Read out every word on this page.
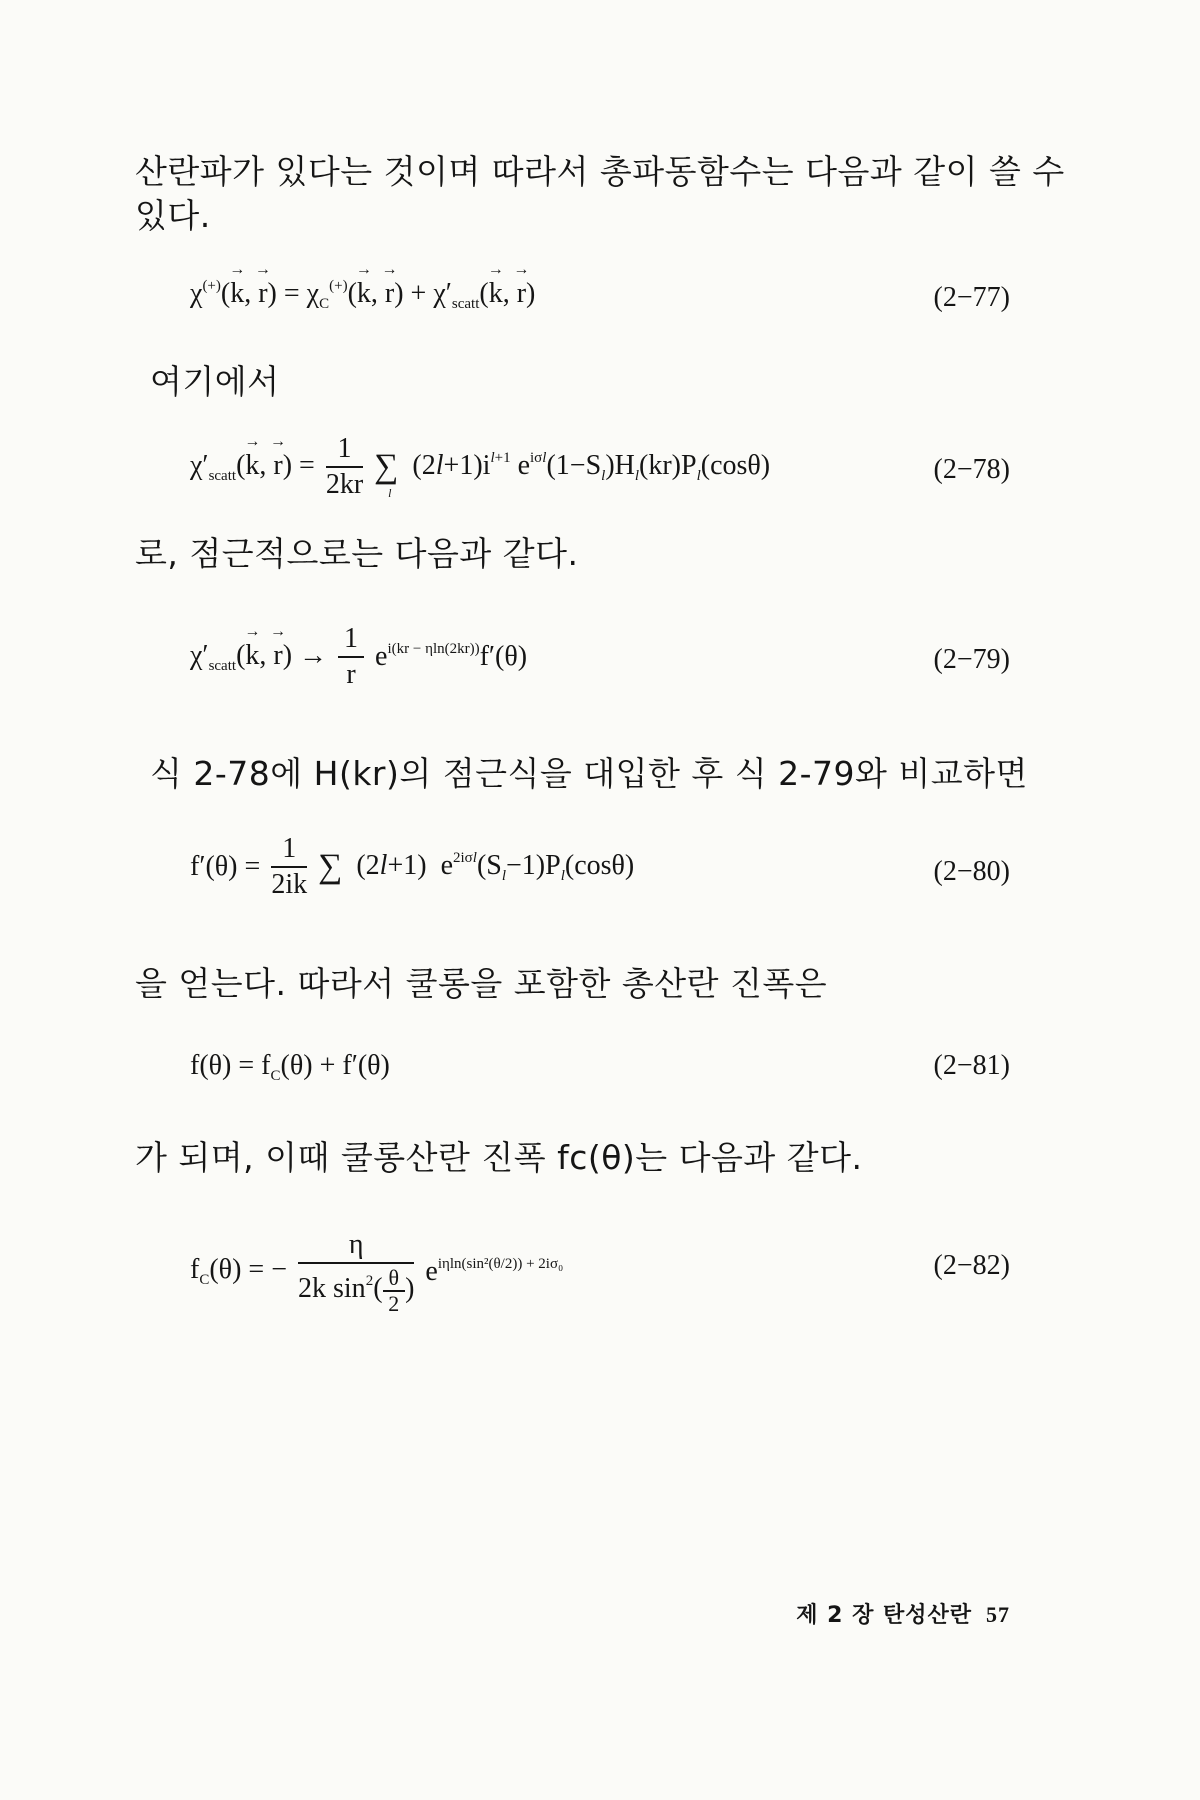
산란파가 있다는 것이며 따라서 총파동함수는 다음과 같이 쓸 수
있다.
χ(+)(→ k, → $r) = \chi_C^{(+)}(\to k$, → $r) + \chi'_{scatt}(\to k$, → r)	(2−77)
여기에서
$\chi'_{scatt}(\to k$, → $r) = \frac{1}{2kr}$ ∑
l
$(2l+1)i^{l+1}$ $e^{i\sigma l}(1-S_l)H_l(kr)P_l(\cos\theta)$	(2−78)
로, 점근적으로는 다음과 같다.
$\chi'_{scatt}(\to k$, → $r) \to \frac{1}{r} e^{i(kr - \eta ln(2kr))}f'(\theta)$	(2−79)
식 2-78에 H(kr)의 점근식을 대입한 후 식 2-79와 비교하면
$f'(\theta) = \frac{1}{2ik}$ ∑

(2l+1)  $e^{2i\sigma l}(S_l-1)P_l(\cos\theta)$	(2−80)
을 얻는다. 따라서 쿨롱을 포함한 총산란 진폭은
$f(\theta) = f_C(\theta) + f'(\theta)$	(2−81)
가 되며, 이때 쿨롱산란 진폭 fc(θ)는 다음과 같다.
$f_C(\theta)$ = − $\frac{\eta}{2k \sin^2( \frac{\theta}{2} )} e^{i\eta ln(sin^2(\theta/2)) + 2i\sigma_0}$	(2−82)
제 2 장 탄성산란 57
